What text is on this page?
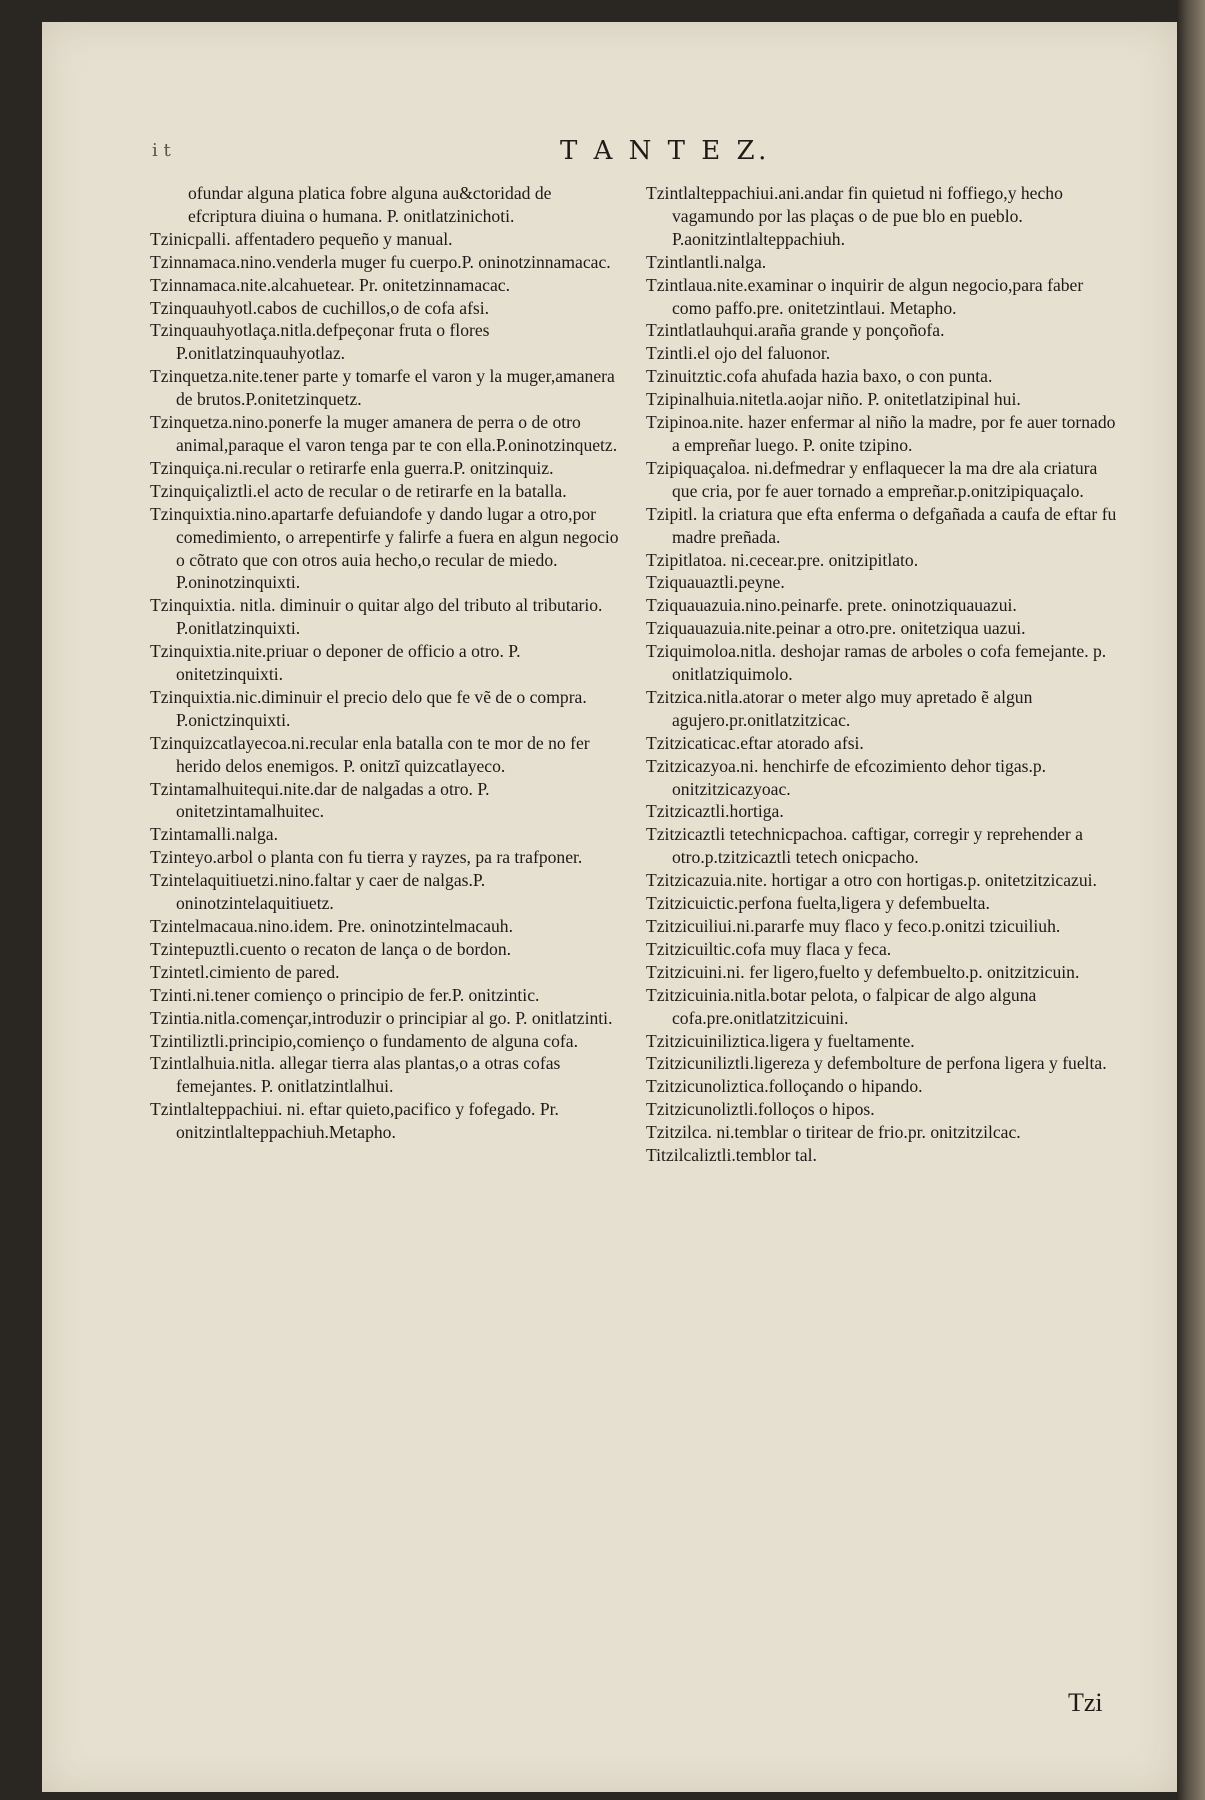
i t	T A N T E Z.
ofundar alguna platica fobre alguna au&ctoridad de efcriptura diuina o humana. P. onitlatzinichoti.
Tzinicpalli. affentadero pequeño y manual.
Tzinnamaca.nino.venderla muger fu cuerpo.P. oninotzinnamacac.
Tzinnamaca.nite.alcahuetear. Pr. onitetzinnamacac.
Tzinquauhyotl.cabos de cuchillos,o de cofa afsi.
Tzinquauhyotlaça.nitla.defpeçonar fruta o flores P.onitlatzinquauhyotlaz.
Tzinquetza.nite.tener parte y tomarfe el varon y la muger,amanera de brutos.P.onitetzinquetz.
Tzinquetza.nino.ponerfe la muger amanera de perra o de otro animal,paraque el varon tenga par te con ella.P.oninotzinquetz.
Tzinquiça.ni.recular o retirarfe enla guerra.P. onitzinquiz.
Tzinquiçaliztli.el acto de recular o de retirarfe en la batalla.
Tzinquixtia.nino.apartarfe defuiandofe y dando lugar a otro,por comedimiento, o arrepentirfe y falirfe a fuera en algun negocio o cõtrato que con otros auia hecho,o recular de miedo. P.oninotzinquixti.
Tzinquixtia. nitla. diminuir o quitar algo del tributo al tributario. P.onitlatzinquixti.
Tzinquixtia.nite.priuar o deponer de officio a otro. P. onitetzinquixti.
Tzinquixtia.nic.diminuir el precio delo que fe vẽ de o compra. P.onictzinquixti.
Tzinquizcatlayecoa.ni.recular enla batalla con te mor de no fer herido delos enemigos. P. onitzĩ quizcatlayeco.
Tzintamalhuitequi.nite.dar de nalgadas a otro. P. onitetzintamalhuitec.
Tzintamalli.nalga.
Tzinteyo.arbol o planta con fu tierra y rayzes, pa ra trafponer.
Tzintelaquitiuetzi.nino.faltar y caer de nalgas.P. oninotzintelaquitiuetz.
Tzintelmacaua.nino.idem. Pre. oninotzintelmacauh.
Tzintepuztli.cuento o recaton de lança o de bordon.
Tzintetl.cimiento de pared.
Tzinti.ni.tener comienço o principio de fer.P. onitzintic.
Tzintia.nitla.començar,introduzir o principiar al go. P. onitlatzinti.
Tzintiliztli.principio,comienço o fundamento de alguna cofa.
Tzintlalhuia.nitla. allegar tierra alas plantas,o a otras cofas femejantes. P. onitlatzintlalhui.
Tzintlalteppachiui. ni. eftar quieto,pacifico y fofegado. Pr. onitzintlalteppachiuh.Metapho.
Tzintlalteppachiui.ani.andar fin quietud ni foffiego,y hecho vagamundo por las plaças o de pue blo en pueblo. P.aonitzintlalteppachiuh.
Tzintlantli.nalga.
Tzintlaua.nite.examinar o inquirir de algun negocio,para faber como paffo.pre. onitetzintlaui. Metapho.
Tzintlatlauhqui.araña grande y ponçoñofa.
Tzintli.el ojo del faluonor.
Tzinuitztic.cofa ahufada hazia baxo, o con punta.
Tzipinalhuia.nitetla.aojar niño. P. onitetlatzipinal hui.
Tzipinoa.nite. hazer enfermar al niño la madre, por fe auer tornado a empreñar luego. P. onite tzipino.
Tzipiquaçaloa. ni.defmedrar y enflaquecer la ma dre ala criatura que cria, por fe auer tornado a empreñar.p.onitzipiquaçalo.
Tzipitl. la criatura que efta enferma o defgañada a caufa de eftar fu madre preñada.
Tzipitlatoa. ni.cecear.pre. onitzipitlato.
Tziquauaztli.peyne.
Tziquauazuia.nino.peinarfe. prete. oninotziquauazui.
Tziquauazuia.nite.peinar a otro.pre. onitetziqua uazui.
Tziquimoloa.nitla. deshojar ramas de arboles o cofa femejante. p. onitlatziquimolo.
Tzitzica.nitla.atorar o meter algo muy apretado ẽ algun agujero.pr.onitlatzitzicac.
Tzitzicaticac.eftar atorado afsi.
Tzitzicazyoa.ni. henchirfe de efcozimiento dehor tigas.p. onitzitzicazyoac.
Tzitzicaztli.hortiga.
Tzitzicaztli tetechnicpachoa. caftigar, corregir y reprehender a otro.p.tzitzicaztli tetech onicpacho.
Tzitzicazuia.nite. hortigar a otro con hortigas.p. onitetzitzicazui.
Tzitzicuictic.perfona fuelta,ligera y defembuelta.
Tzitzicuiliui.ni.pararfe muy flaco y feco.p.onitzi tzicuiliuh.
Tzitzicuiltic.cofa muy flaca y feca.
Tzitzicuini.ni. fer ligero,fuelto y defembuelto.p. onitzitzicuin.
Tzitzicuinia.nitla.botar pelota, o falpicar de algo alguna cofa.pre.onitlatzitzicuini.
Tzitzicuiniliztica.ligera y fueltamente.
Tzitzicuniliztli.ligereza y defembolture de perfona ligera y fuelta.
Tzitzicunoliztica.folloçando o hipando.
Tzitzicunoliztli.folloços o hipos.
Tzitzilca. ni.temblar o tiritear de frio.pr. onitzitzilcac.
Titzilcaliztli.temblor tal.
Tzi
